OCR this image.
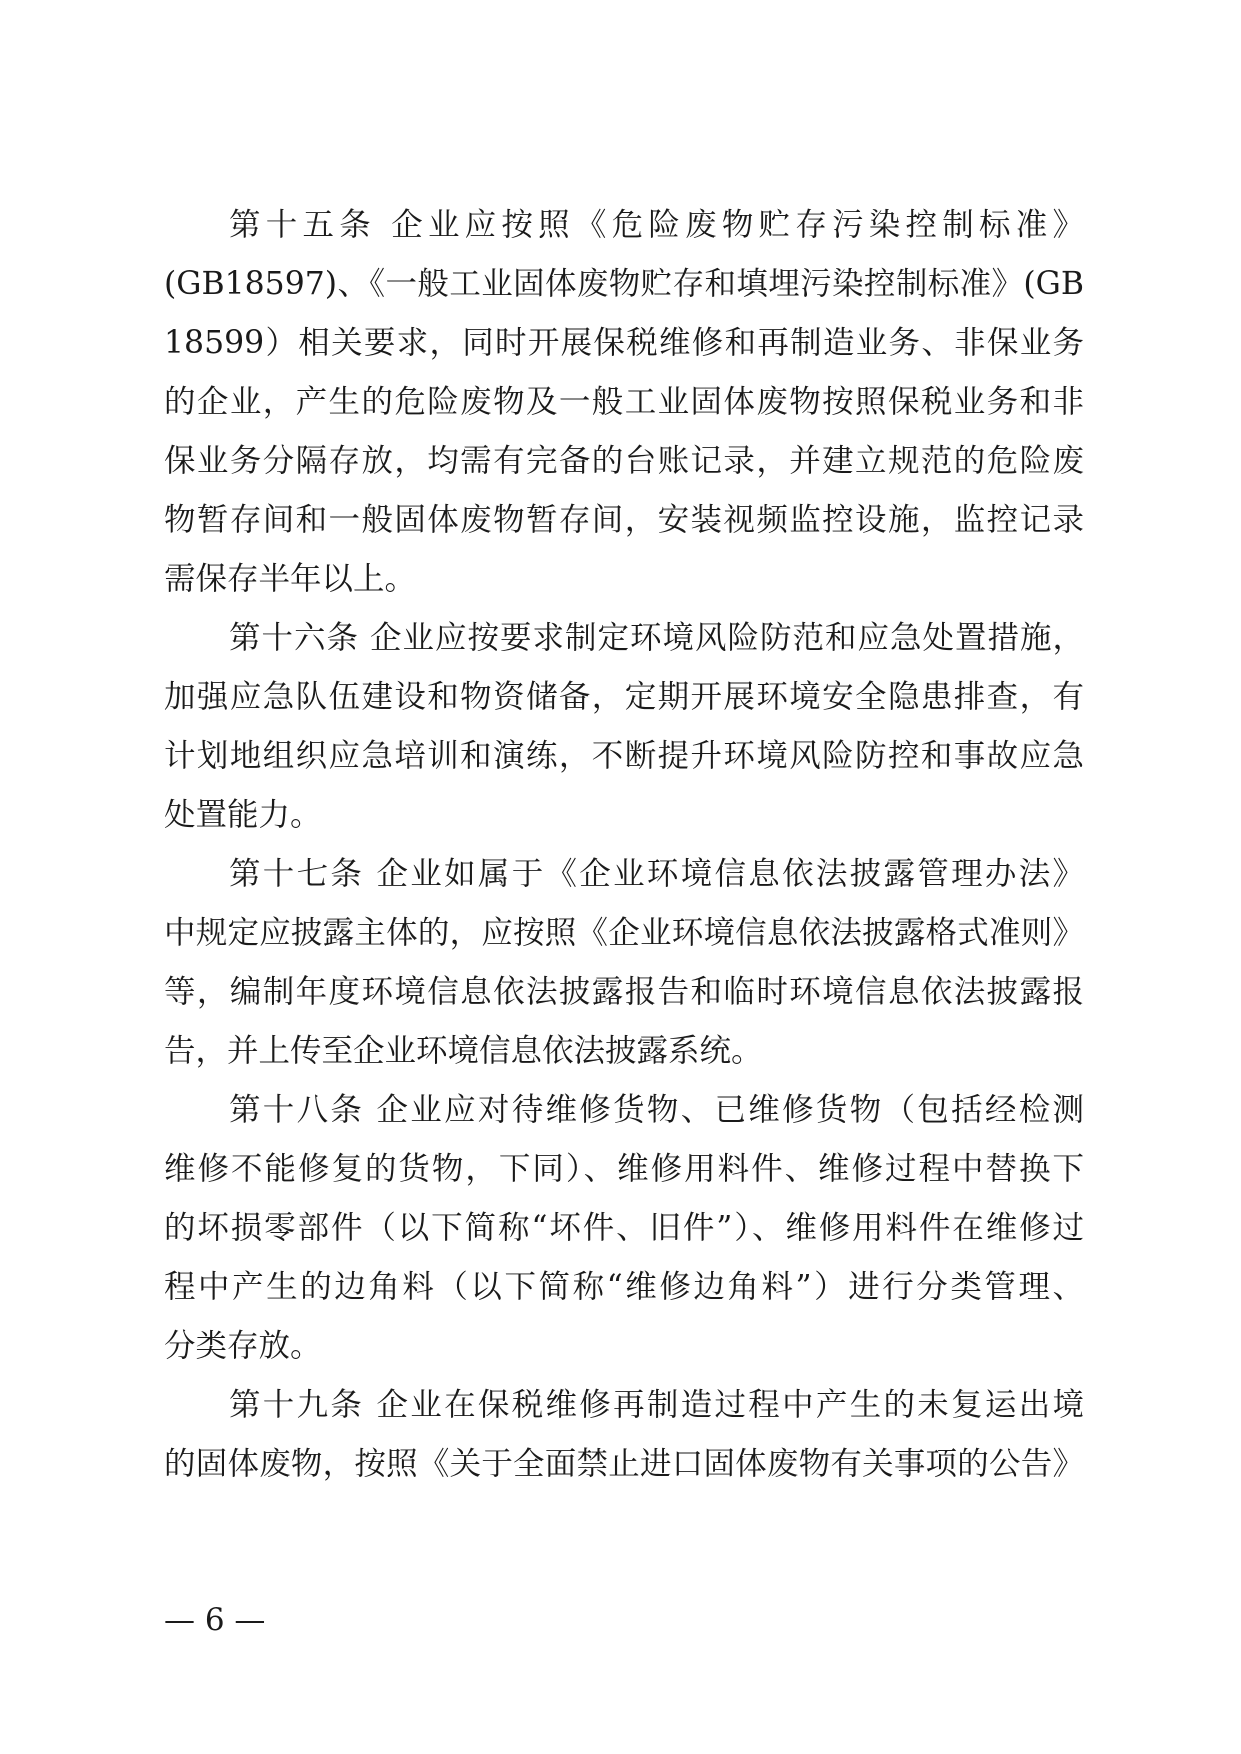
第十五条 企业应按照《危险废物贮存污染控制标准》
(GB18597)、《一般工业固体废物贮存和填埋污染控制标准》(GB
18599）相关要求，同时开展保税维修和再制造业务、非保业务
的企业，产生的危险废物及一般工业固体废物按照保税业务和非
保业务分隔存放，均需有完备的台账记录，并建立规范的危险废
物暂存间和一般固体废物暂存间，安装视频监控设施，监控记录
需保存半年以上。
第十六条 企业应按要求制定环境风险防范和应急处置措施，
加强应急队伍建设和物资储备，定期开展环境安全隐患排查，有
计划地组织应急培训和演练，不断提升环境风险防控和事故应急
处置能力。
第十七条 企业如属于《企业环境信息依法披露管理办法》
中规定应披露主体的，应按照《企业环境信息依法披露格式准则》
等，编制年度环境信息依法披露报告和临时环境信息依法披露报
告，并上传至企业环境信息依法披露系统。
第十八条 企业应对待维修货物、已维修货物（包括经检测
维修不能修复的货物，下同）、维修用料件、维修过程中替换下
的坏损零部件（以下简称“坏件、旧件”）、维修用料件在维修过
程中产生的边角料（以下简称“维修边角料”）进行分类管理、
分类存放。
第十九条 企业在保税维修再制造过程中产生的未复运出境
的固体废物，按照《关于全面禁止进口固体废物有关事项的公告》
— 6 —
